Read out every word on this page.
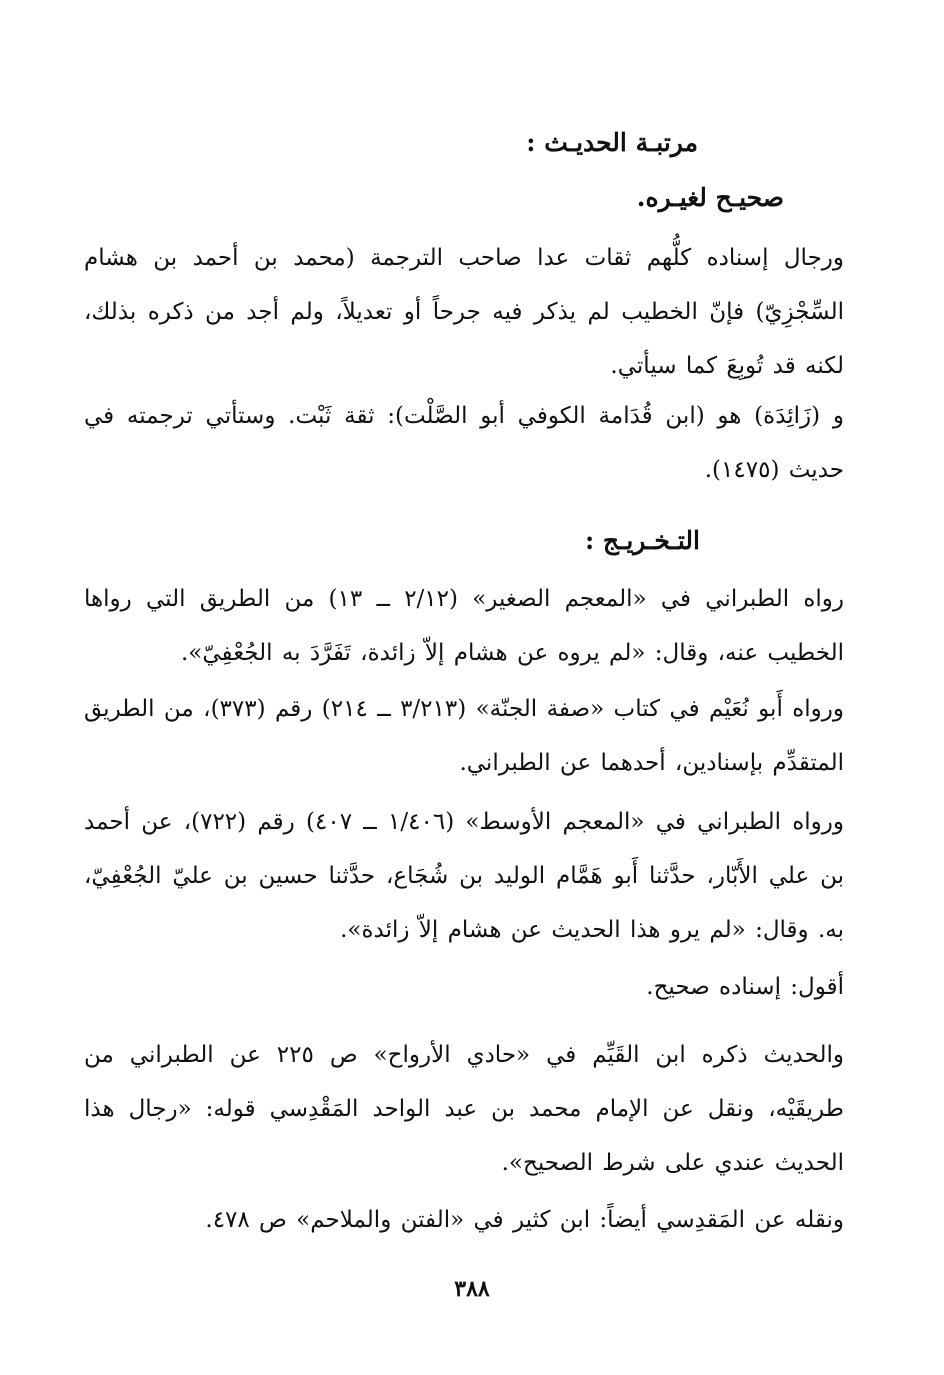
مرتبـة الحديـث :
صحيـح لغيـره.
ورجال إسناده كلُّهم ثقات عدا صاحب الترجمة (محمد بن أحمد بن هشام السِّجْزِيّ) فإنّ الخطيب لم يذكر فيه جرحاً أو تعديلاً، ولم أجد من ذكره بذلك، لكنه قد تُوبِعَ كما سيأتي.
و (زَائِدَة) هو (ابن قُدَامة الكوفي أبو الصَّلْت): ثقة ثَبْت. وستأتي ترجمته في حديث (١٤٧٥).
التـخـريـج :
رواه الطبراني في «المعجم الصغير» (٢/١٢ ــ ١٣) من الطريق التي رواها الخطيب عنه، وقال: «لم يروه عن هشام إلاّ زائدة، تَفَرَّدَ به الجُعْفِيّ».
ورواه أَبو نُعَيْم في كتاب «صفة الجنّة» (٣/٢١٣ ــ ٢١٤) رقم (٣٧٣)، من الطريق المتقدِّم بإسنادين، أحدهما عن الطبراني.
ورواه الطبراني في «المعجم الأوسط» (١/٤٠٦ ــ ٤٠٧) رقم (٧٢٢)، عن أحمد بن علي الأَبّار، حدَّثنا أَبو هَمَّام الوليد بن شُجَاع، حدَّثنا حسين بن عليّ الجُعْفِيّ، به. وقال: «لم يرو هذا الحديث عن هشام إلاّ زائدة».
أقول: إسناده صحيح.
والحديث ذكره ابن القَيِّم في «حادي الأرواح» ص ٢٢٥ عن الطبراني من طريقَيْه، ونقل عن الإمام محمد بن عبد الواحد المَقْدِسي قوله: «رجال هذا الحديث عندي على شرط الصحيح».
ونقله عن المَقدِسي أيضاً: ابن كثير في «الفتن والملاحم» ص ٤٧٨.
٣٨٨
